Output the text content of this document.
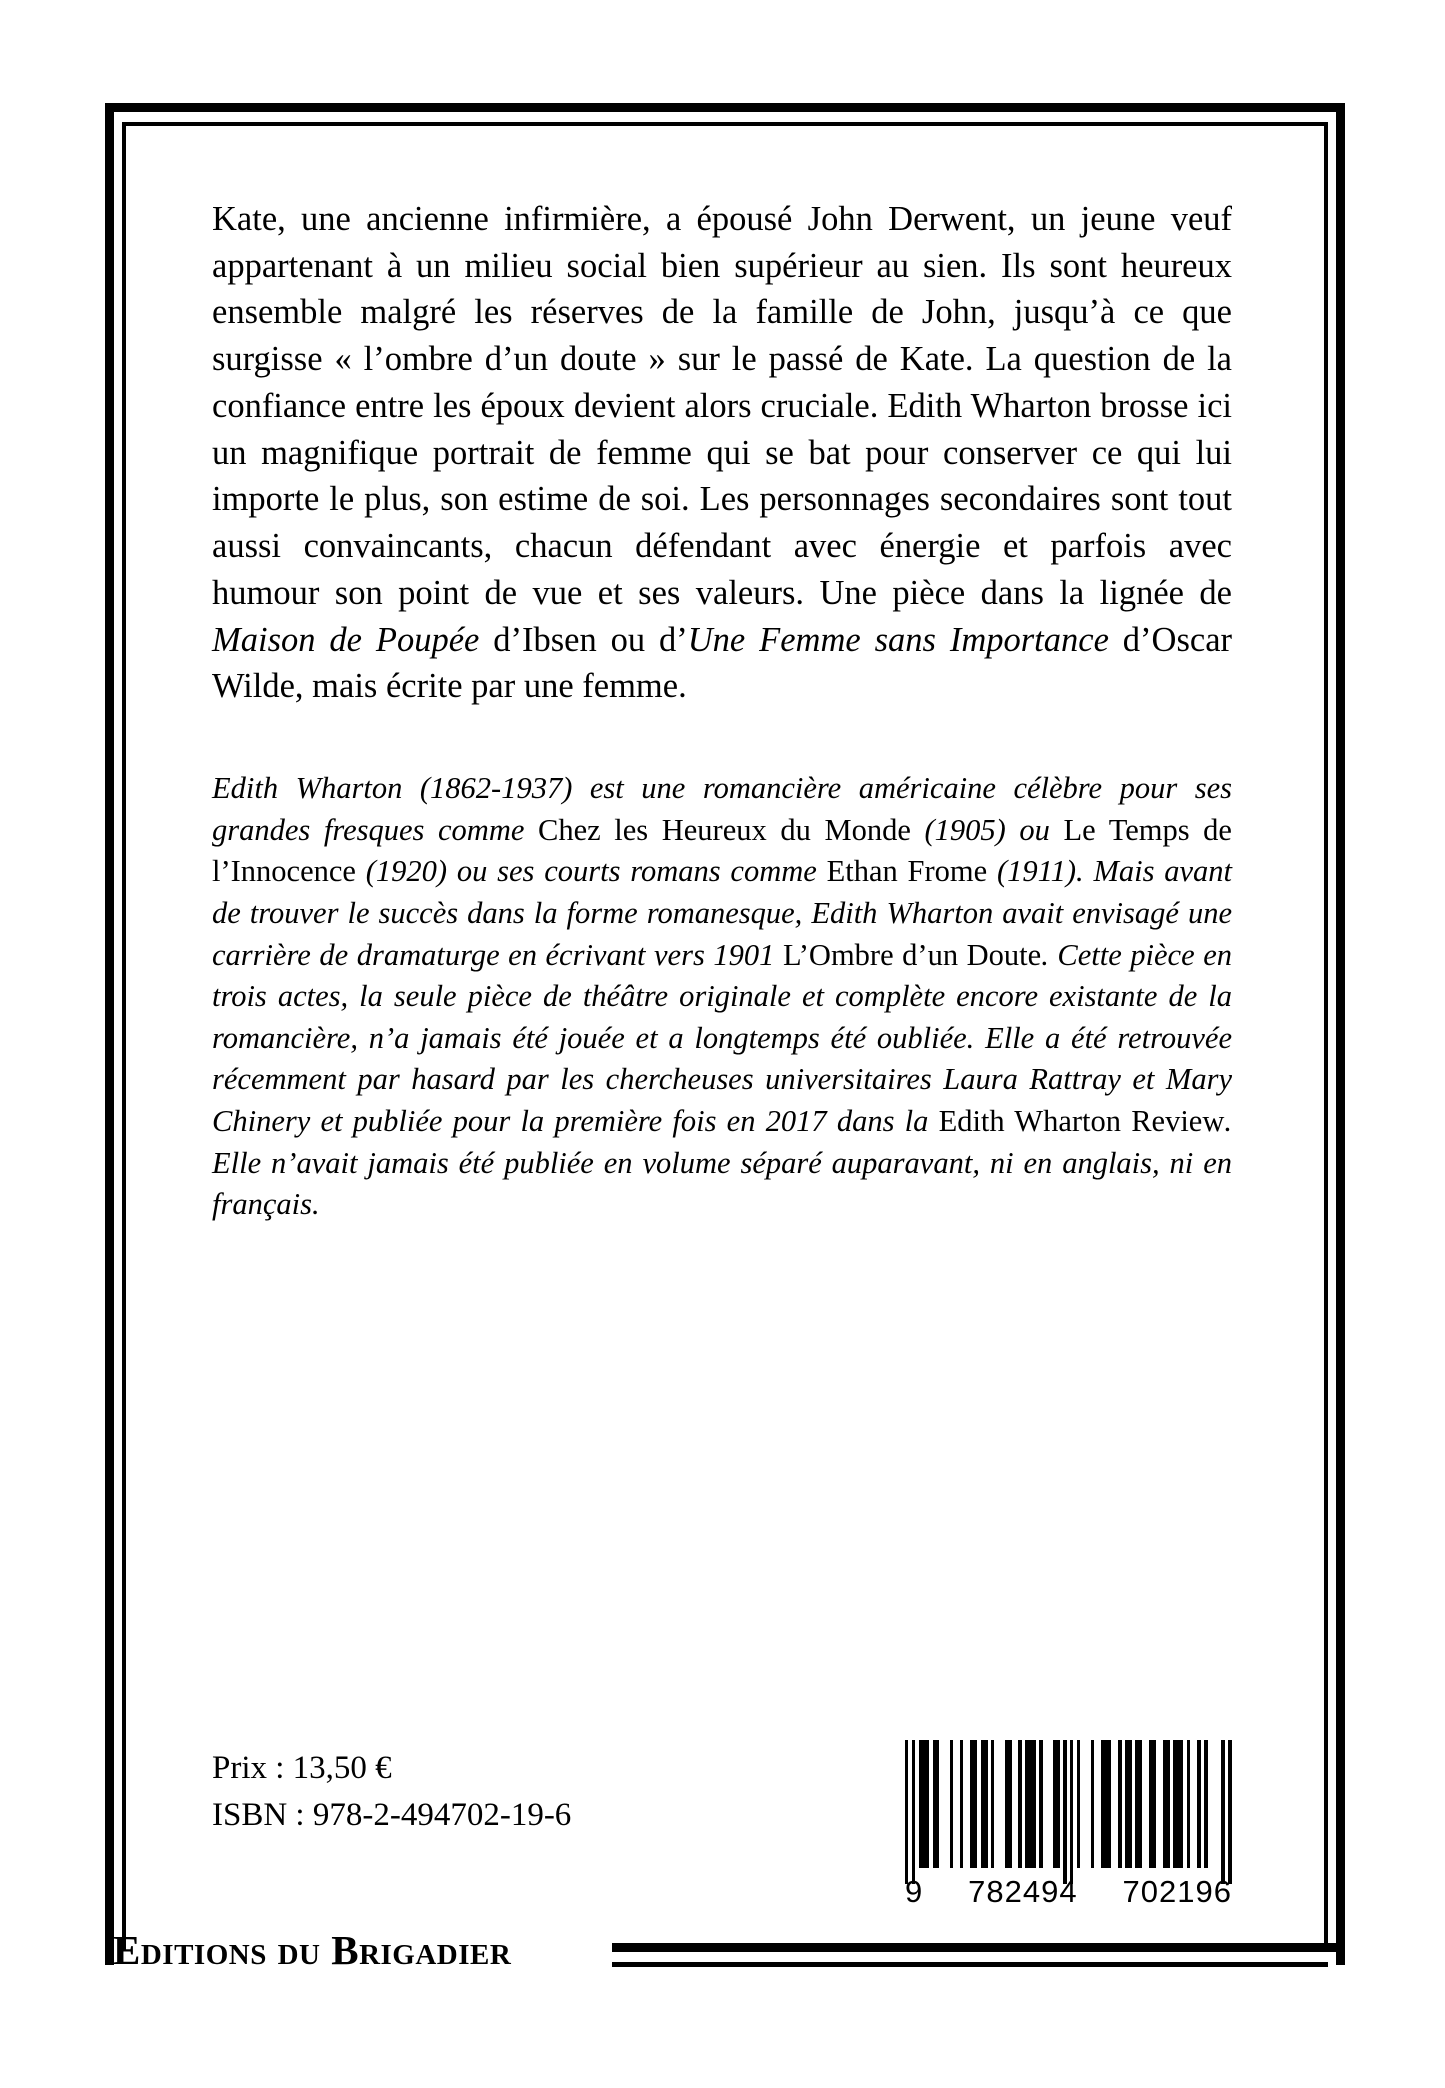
Kate, une ancienne infirmière, a épousé John Derwent, un jeune veuf appartenant à un milieu social bien supérieur au sien. Ils sont heureux ensemble malgré les réserves de la famille de John, jusqu’à ce que surgisse « l’ombre d’un doute » sur le passé de Kate. La question de la confiance entre les époux devient alors cruciale. Edith Wharton brosse ici un magnifique portrait de femme qui se bat pour conserver ce qui lui importe le plus, son estime de soi. Les personnages secondaires sont tout aussi convaincants, chacun défendant avec énergie et parfois avec humour son point de vue et ses valeurs. Une pièce dans la lignée de Maison de Poupée d’Ibsen ou d’Une Femme sans Importance d’Oscar Wilde, mais écrite par une femme.

Edith Wharton (1862-1937) est une romancière américaine célèbre pour ses grandes fresques comme Chez les Heureux du Monde (1905) ou Le Temps de l’Innocence (1920) ou ses courts romans comme Ethan Frome (1911). Mais avant de trouver le succès dans la forme romanesque, Edith Wharton avait envisagé une carrière de dramaturge en écrivant vers 1901 L’Ombre d’un Doute. Cette pièce en trois actes, la seule pièce de théâtre originale et complète encore existante de la romancière, n’a jamais été jouée et a longtemps été oubliée. Elle a été retrouvée récemment par hasard par les chercheuses universitaires Laura Rattray et Mary Chinery et publiée pour la première fois en 2017 dans la Edith Wharton Review. Elle n’avait jamais été publiée en volume séparé auparavant, ni en anglais, ni en français.

Prix : 13,50 €
ISBN : 978-2-494702-19-6
9 782494 702196
Editions du Brigadier
